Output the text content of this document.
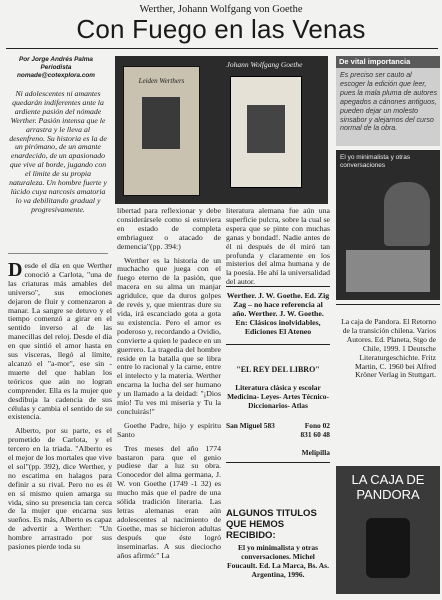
Werther, Johann Wolfgang von Goethe
Con Fuego en las Venas
Por Jorge Andrés Palma
Periodista
nomade@cotexplora.com
Ni adolescentes ni amantes quedarán indiferentes ante la ardiente pasión del nómade Werther. Pasión intensa que le arrastra y le lleva al desenfreno. Su historia es la de un pirómano, de un amante enardecido, de un apasionado que vive al borde, jugando con el límite de su propia naturaleza. Un hombre fuerte y lúcido cuya narcosis amatoria lo va debilitando gradual y progresivamente.

Desde el día en que Werther conoció a Carlota, "una de las criaturas más amables del universo", sus emociones dejaron de fluir y comenzaron a manar. La sangre se detuvo y el tiempo comenzó a girar en el sentido inverso al de las manecillas del reloj. Desde el día en que sintió el amor hasta en sus vísceras, llegó al límite, alcanzó el "a-mor", ese sin -muerte del que hablan los teóricos que aún no logran comprender. Ella es la mujer que desdibuja la cadencia de sus células y cambia el sentido de su existencia.

Alberto, por su parte, es el prometido de Carlota, y el tercero en la triada. "Alberto es el mejor de los mortales que vive el sol"(pp. 392), dice Werther, y no escatima en halagos para definir a su rival. Pero no es él en sí mismo quien amarga su vida, sino su presencia tan cerca de la mujer que encarna sus sueños. Es más, Alberto es capaz de advertir a Werther: "Un hombre arrastrado por sus pasiones pierde toda su

Leiden Werthers
Johann Wolfgang Goethe

libertad para reflexionar y debe considerársele como si estuviera en estado de completa embriaguez o atacado de demencia"(pp. 394:)

Werther es la historia de un muchacho que juega con el fuego eterno de la pasión, que macera en su alma un manjar agridulce, que da duros golpes de revés y, que mientras dure su vida, irá escanciado gota a gota su existencia. Pero el amor es poderoso y, recordando a Ovidio, convierte a quien le padece en un guerrero. La tragedia del hombre reside en la batalla que se libra entre lo racional y la carne, entre el intelecto y la materia. Werther encarna la lucha del ser humano y un llamado a la deidad: "¡Dios mío! Tu ves mi miseria y Tu la concluirás!"

Goethe Padre, hijo y espíritu Santo

Tres meses del año 1774 bastaron para que el genio pudiese dar a luz su obra. Conocedor del alma germana, J. W. von Goethe (1749 -1 32) es mucho más que el padre de una sólida tradición literaria. Las letras alemanas eran aún adolescentes al nacimiento de Goethe, mas se hicieron adultas después que éste logró inseminarlas. A sus dieciocho años afirmó:" La

literatura alemana fue aún una superficie pulcra, sobre la cual se espera que se pinte con muchas ganas y bondad!. Nadie antes de él ni después de él miró tan profunda y claramente en los misterios del alma humana y de la poesía. He ahí la universalidad del autor.

Werther. J. W. Goethe. Ed. Zig Zag – no hace referencia al año. Werther. J. W. Goethe. En: Clásicos inolvidables, Ediciones El Ateneo
"EL REY DEL LIBRO"
Literatura clásica y escolar Medicina- Leyes- Artes Técnico- Diccionarios- Atlas
San Miguel 583	Fono 02
831 60 48
Melipilla
ALGUNOS TITULOS QUE HEMOS RECIBIDO:
El yo minimalista y otras conversaciones. Michel Foucault. Ed. La Marca, Bs. As. Argentina, 1996.
De vital importancia
Es preciso ser cauto al escoger la edición que leer, pues la mala pluma de autores apegados a cánones antiguos, pueden dejar un molesto sinsabor y alejarnos del curso normal de la obra.
El yo minimalista y otras conversaciones
La caja de Pandora. El Retorno de la transición chilena. Varios Autores. Ed. Planeta, Stgo de Chile, 1999. 1 Deutsche Literaturgeschichte. Fritz Martin, C. 1960 bei Alfred Kröner Verlag in Stuttgart.
LA CAJA DE PANDORA
